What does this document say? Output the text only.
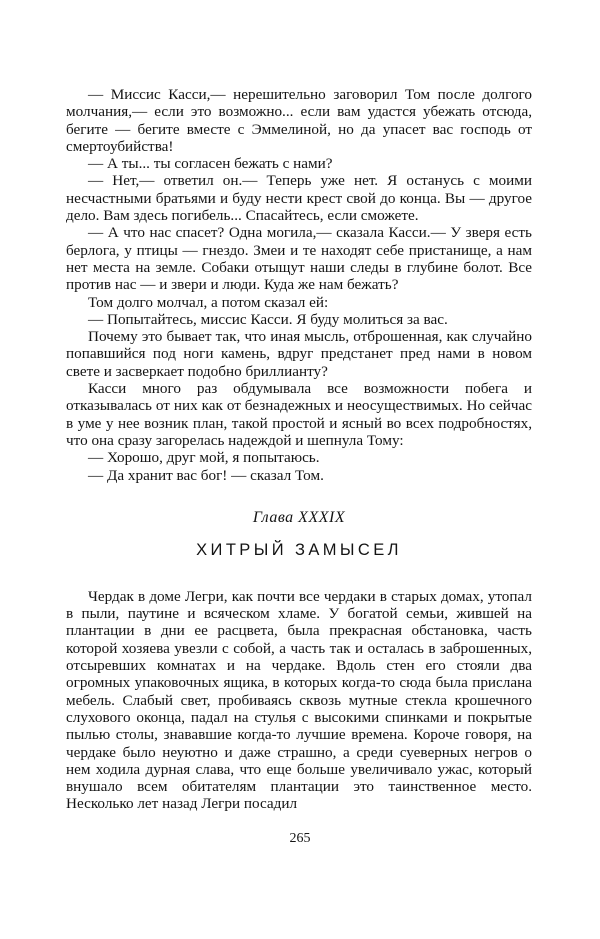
— Миссис Касси,— нерешительно заговорил Том после долгого молчания,— если это возможно... если вам удастся убежать отсюда, бегите — бегите вместе с Эммелиной, но да упасет вас господь от смертоубийства!

— А ты... ты согласен бежать с нами?

— Нет,— ответил он.— Теперь уже нет. Я останусь с моими несчастными братьями и буду нести крест свой до конца. Вы — другое дело. Вам здесь погибель... Спасайтесь, если сможете.

— А что нас спасет? Одна могила,— сказала Касси.— У зверя есть берлога, у птицы — гнездо. Змеи и те находят себе пристанище, а нам нет места на земле. Собаки отыщут наши следы в глубине болот. Все против нас — и звери и люди. Куда же нам бежать?

Том долго молчал, а потом сказал ей:

— Попытайтесь, миссис Касси. Я буду молиться за вас.

Почему это бывает так, что иная мысль, отброшенная, как случайно попавшийся под ноги камень, вдруг предстанет пред нами в новом свете и засверкает подобно бриллианту?

Касси много раз обдумывала все возможности побега и отказывалась от них как от безнадежных и неосуществимых. Но сейчас в уме у нее возник план, такой простой и ясный во всех подробностях, что она сразу загорелась надеждой и шепнула Тому:

— Хорошо, друг мой, я попытаюсь.

— Да хранит вас бог! — сказал Том.

Глава XXXIX
ХИТРЫЙ ЗАМЫСЕЛ

Чердак в доме Легри, как почти все чердаки в старых домах, утопал в пыли, паутине и всяческом хламе. У богатой семьи, жившей на плантации в дни ее расцвета, была прекрасная обстановка, часть которой хозяева увезли с собой, а часть так и осталась в заброшенных, отсыревших комнатах и на чердаке. Вдоль стен его стояли два огромных упаковочных ящика, в которых когда-то сюда была прислана мебель. Слабый свет, пробиваясь сквозь мутные стекла крошечного слухового оконца, падал на стулья с высокими спинками и покрытые пылью столы, знававшие когда-то лучшие времена. Короче говоря, на чердаке было неуютно и даже страшно, а среди суеверных негров о нем ходила дурная слава, что еще больше увеличивало ужас, который внушало всем обитателям плантации это таинственное место. Несколько лет назад Легри посадил

265
